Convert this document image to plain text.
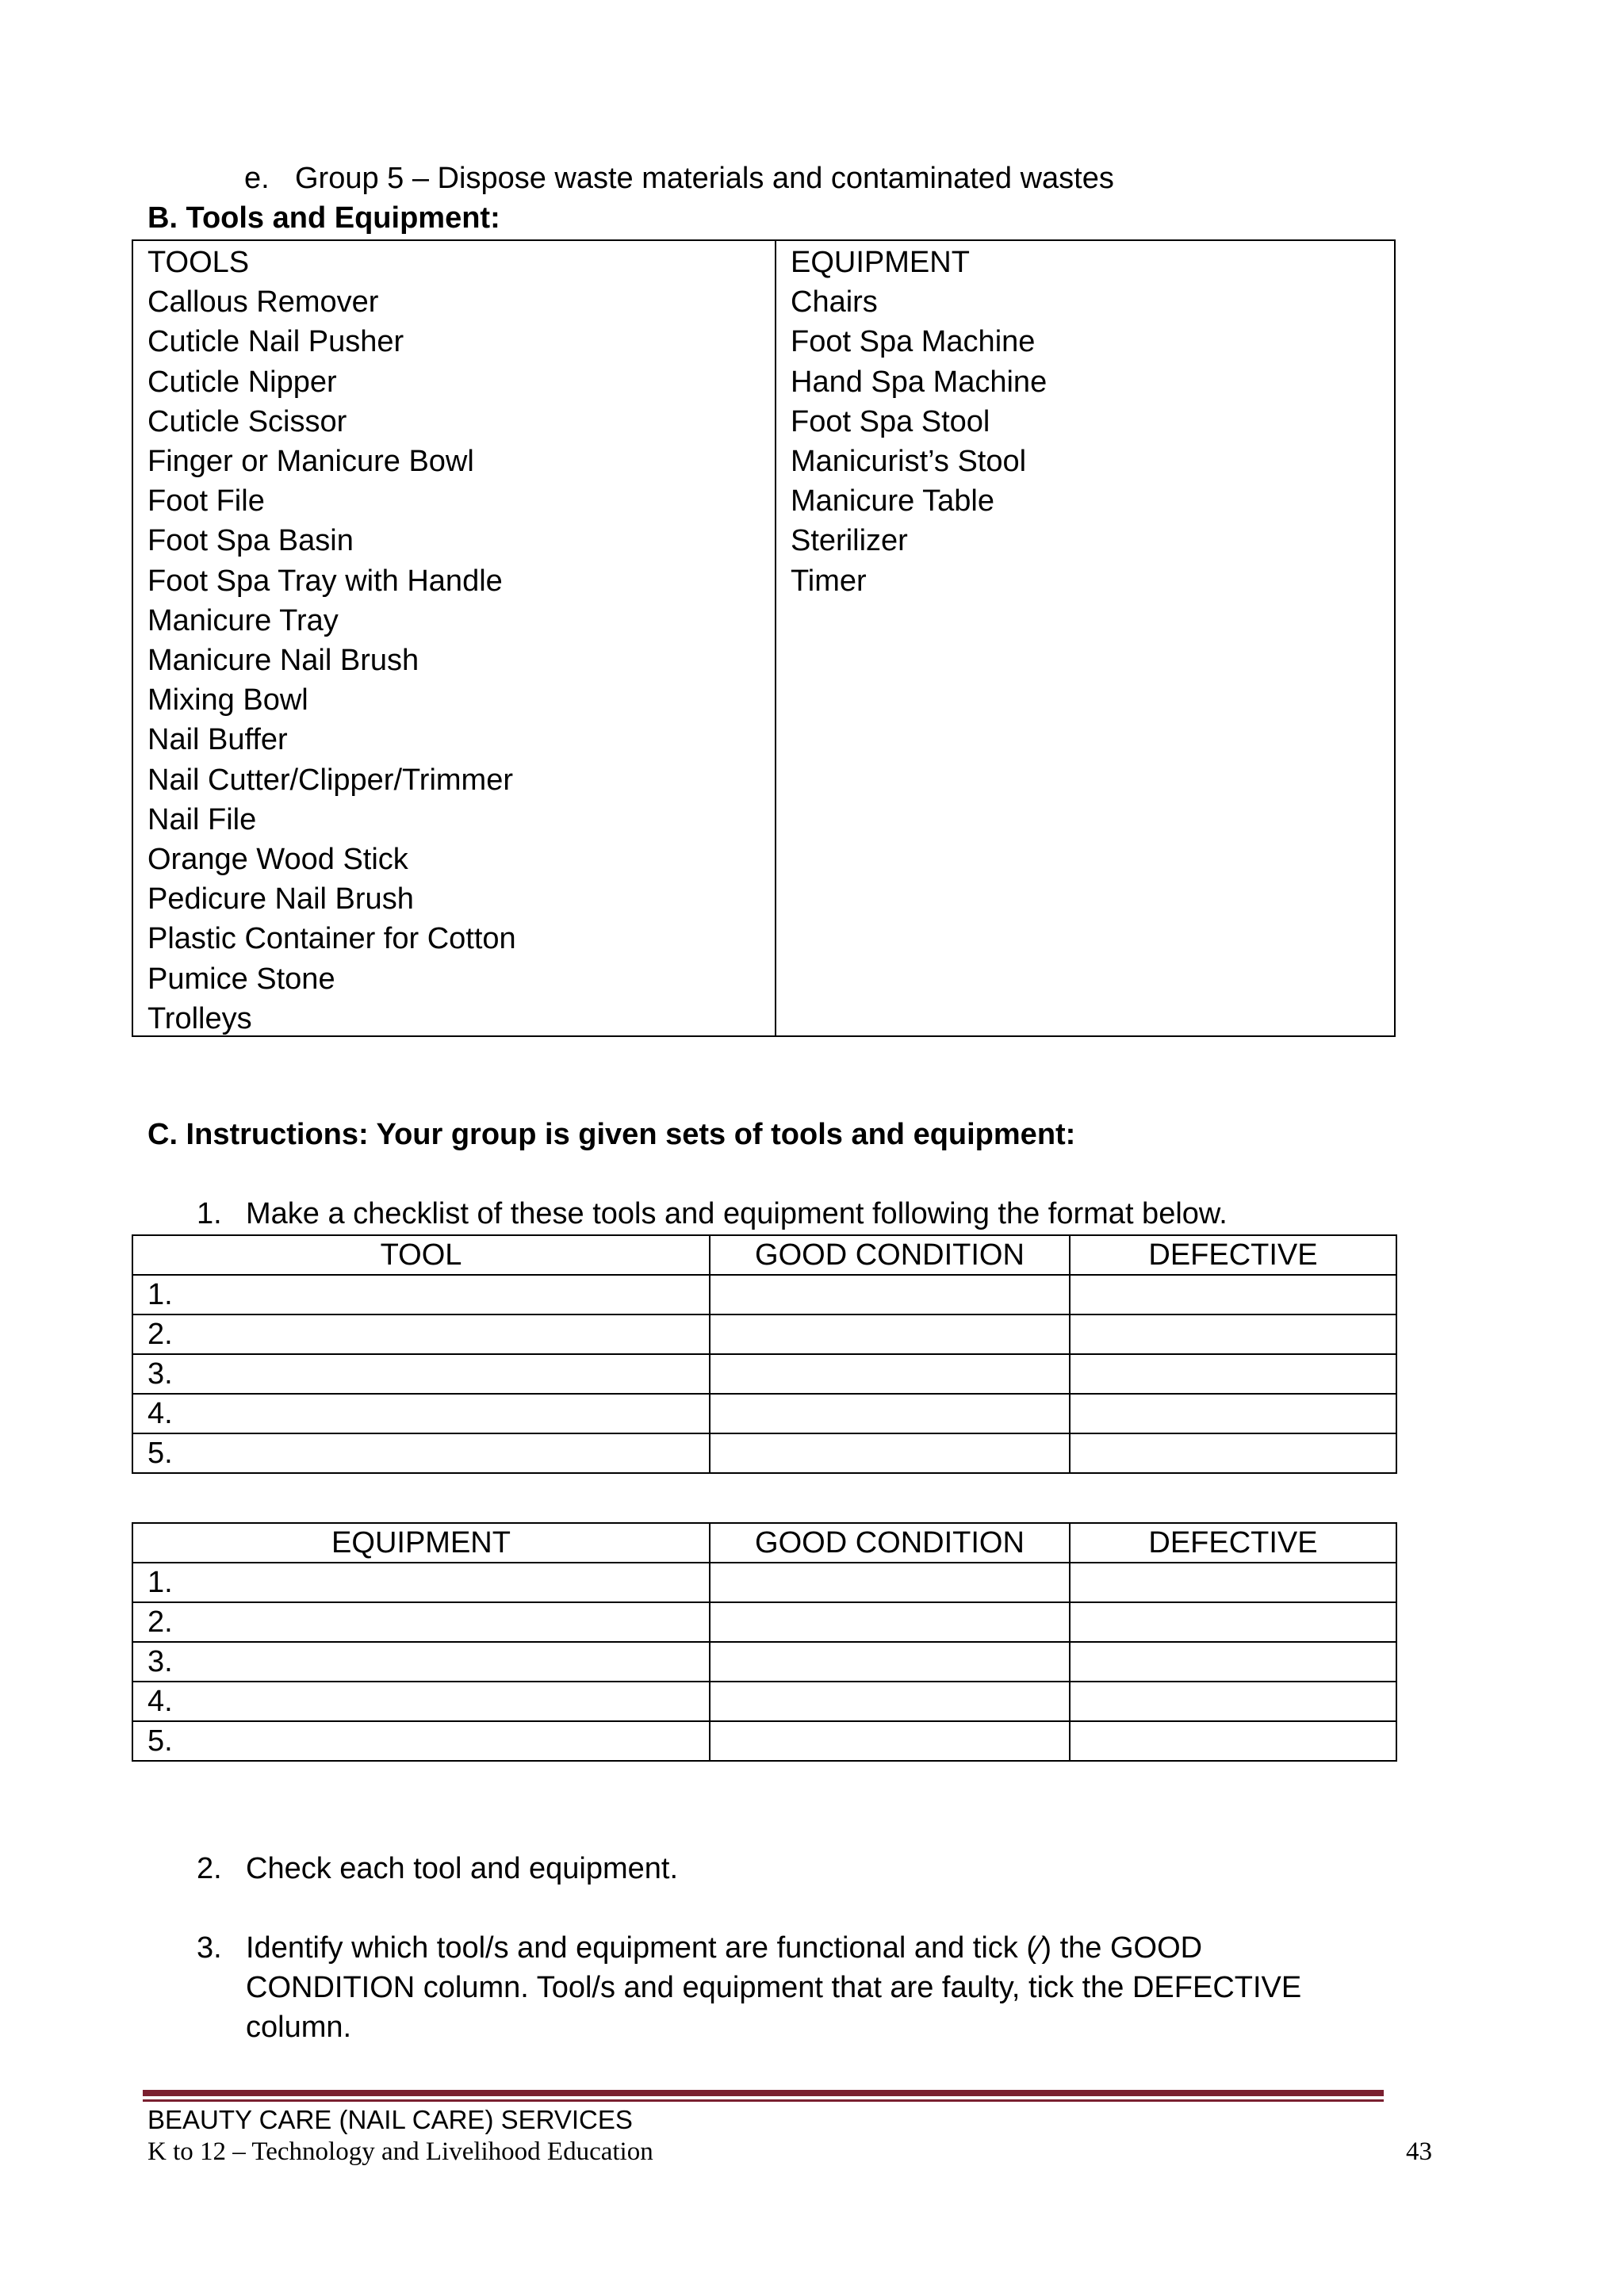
e. Group 5 – Dispose waste materials and contaminated wastes
B. Tools and Equipment:
TOOLS
Callous Remover
Cuticle Nail Pusher
Cuticle Nipper
Cuticle Scissor
Finger or Manicure Bowl
Foot File
Foot Spa Basin
Foot Spa Tray with Handle
Manicure Tray
Manicure Nail Brush
Mixing Bowl
Nail Buffer
Nail Cutter/Clipper/Trimmer
Nail File
Orange Wood Stick
Pedicure Nail Brush
Plastic Container for Cotton
Pumice Stone
Trolleys
EQUIPMENT
Chairs
Foot Spa Machine
Hand Spa Machine
Foot Spa Stool
Manicurist’s Stool
Manicure Table
Sterilizer
Timer
C. Instructions: Your group is given sets of tools and equipment:
1. Make a checklist of these tools and equipment following the format below.
TOOL	GOOD CONDITION	DEFECTIVE
1.		
2.		
3.		
4.		
5.		
EQUIPMENT	GOOD CONDITION	DEFECTIVE
1.		
2.		
3.		
4.		
5.		
2. Check each tool and equipment.
3. Identify which tool/s and equipment are functional and tick (⁄) the GOOD
CONDITION column. Tool/s and equipment that are faulty, tick the DEFECTIVE
column.
BEAUTY CARE (NAIL CARE) SERVICES
K to 12 – Technology and Livelihood Education	43
